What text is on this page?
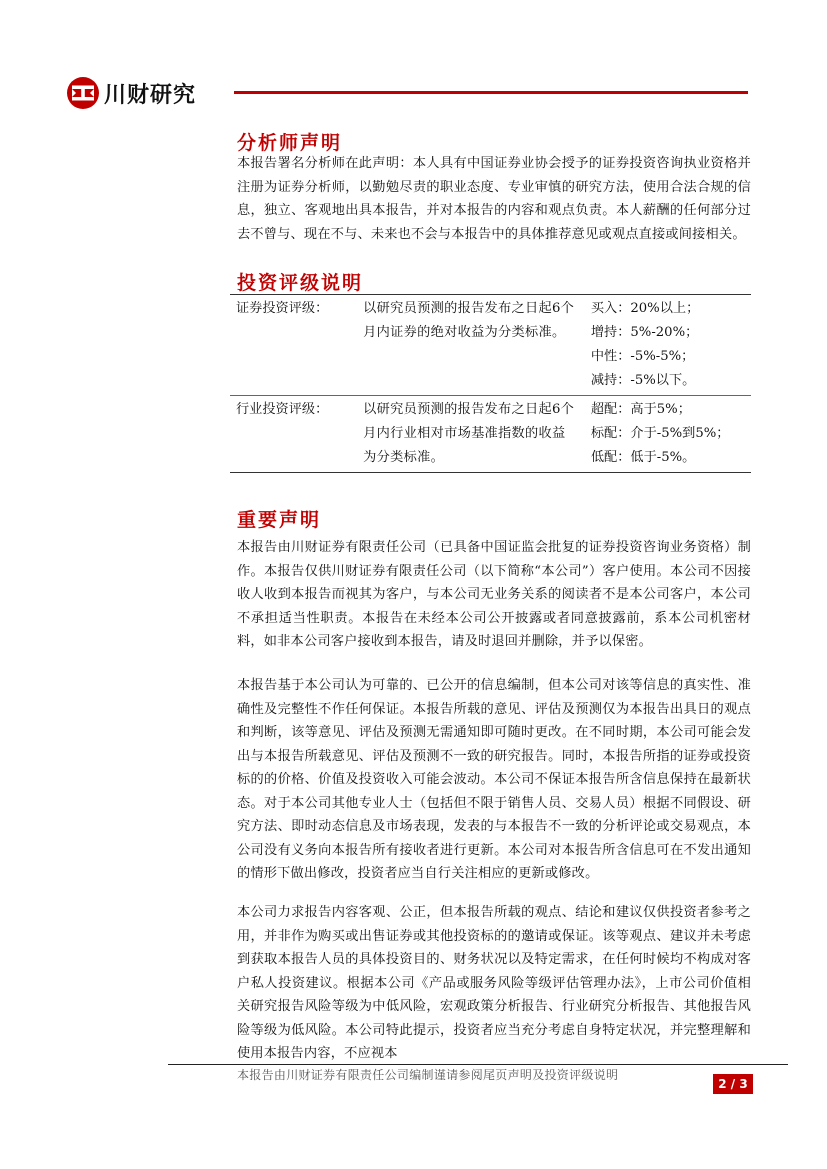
川财研究
分析师声明

本报告署名分析师在此声明：本人具有中国证券业协会授予的证券投资咨询执业资格并注册为证券分析师，以勤勉尽责的职业态度、专业审慎的研究方法，使用合法合规的信息，独立、客观地出具本报告，并对本报告的内容和观点负责。本人薪酬的任何部分过去不曾与、现在不与、未来也不会与本报告中的具体推荐意见或观点直接或间接相关。

投资评级说明
证券投资评级：	以研究员预测的报告发布之日起6个月内证券的绝对收益为分类标准。	买入：20%以上；
增持：5%-20%；
中性：-5%-5%；
减持：-5%以下。

行业投资评级：	以研究员预测的报告发布之日起6个月内行业相对市场基准指数的收益为分类标准。	超配：高于5%；
标配：介于-5%到5%；
低配：低于-5%。
重要声明

本报告由川财证券有限责任公司（已具备中国证监会批复的证券投资咨询业务资格）制作。本报告仅供川财证券有限责任公司（以下简称“本公司”）客户使用。本公司不因接收人收到本报告而视其为客户，与本公司无业务关系的阅读者不是本公司客户，本公司不承担适当性职责。本报告在未经本公司公开披露或者同意披露前，系本公司机密材料，如非本公司客户接收到本报告，请及时退回并删除，并予以保密。

本报告基于本公司认为可靠的、已公开的信息编制，但本公司对该等信息的真实性、准确性及完整性不作任何保证。本报告所载的意见、评估及预测仅为本报告出具日的观点和判断，该等意见、评估及预测无需通知即可随时更改。在不同时期，本公司可能会发出与本报告所载意见、评估及预测不一致的研究报告。同时，本报告所指的证券或投资标的的价格、价值及投资收入可能会波动。本公司不保证本报告所含信息保持在最新状态。对于本公司其他专业人士（包括但不限于销售人员、交易人员）根据不同假设、研究方法、即时动态信息及市场表现，发表的与本报告不一致的分析评论或交易观点，本公司没有义务向本报告所有接收者进行更新。本公司对本报告所含信息可在不发出通知的情形下做出修改，投资者应当自行关注相应的更新或修改。

本公司力求报告内容客观、公正，但本报告所载的观点、结论和建议仅供投资者参考之用，并非作为购买或出售证券或其他投资标的的邀请或保证。该等观点、建议并未考虑到获取本报告人员的具体投资目的、财务状况以及特定需求，在任何时候均不构成对客户私人投资建议。根据本公司《产品或服务风险等级评估管理办法》，上市公司价值相关研究报告风险等级为中低风险，宏观政策分析报告、行业研究分析报告、其他报告风险等级为低风险。本公司特此提示，投资者应当充分考虑自身特定状况，并完整理解和使用本报告内容，不应视本

本报告由川财证券有限责任公司编制谨请参阅尾页声明及投资评级说明
2 / 3
